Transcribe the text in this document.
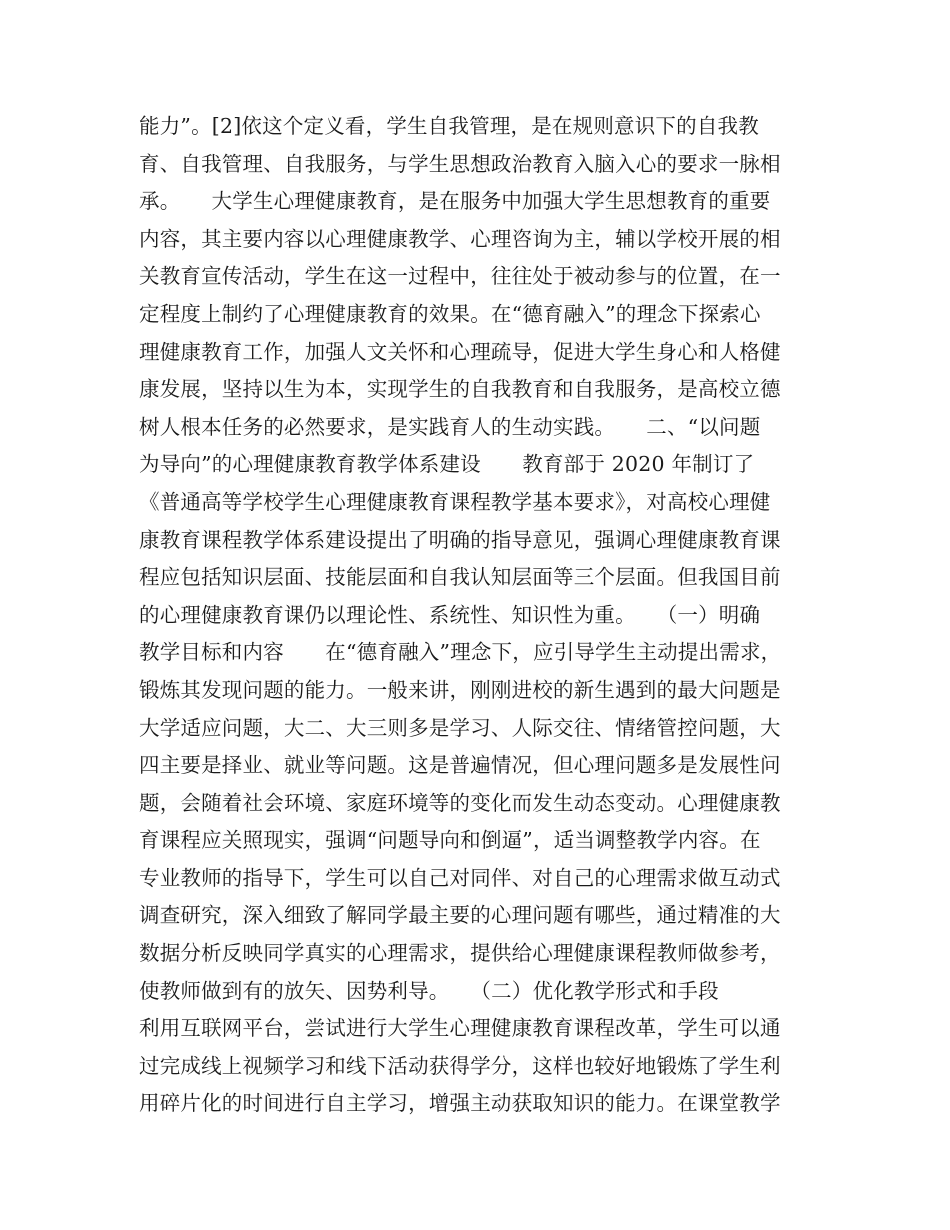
能力”。[2]依这个定义看，学生自我管理，是在规则意识下的自我教
育、自我管理、自我服务，与学生思想政治教育入脑入心的要求一脉相
承。　　大学生心理健康教育，是在服务中加强大学生思想教育的重要
内容，其主要内容以心理健康教学、心理咨询为主，辅以学校开展的相
关教育宣传活动，学生在这一过程中，往往处于被动参与的位置，在一
定程度上制约了心理健康教育的效果。在“德育融入”的理念下探索心
理健康教育工作，加强人文关怀和心理疏导，促进大学生身心和人格健
康发展，坚持以生为本，实现学生的自我教育和自我服务，是高校立德
树人根本任务的必然要求，是实践育人的生动实践。　　二、“以问题
为导向”的心理健康教育教学体系建设　　教育部于 2020 年制订了
《普通高等学校学生心理健康教育课程教学基本要求》，对高校心理健
康教育课程教学体系建设提出了明确的指导意见，强调心理健康教育课
程应包括知识层面、技能层面和自我认知层面等三个层面。但我国目前
的心理健康教育课仍以理论性、系统性、知识性为重。　　（一）明确
教学目标和内容　　在“德育融入”理念下，应引导学生主动提出需求，
锻炼其发现问题的能力。一般来讲，刚刚进校的新生遇到的最大问题是
大学适应问题，大二、大三则多是学习、人际交往、情绪管控问题，大
四主要是择业、就业等问题。这是普遍情况，但心理问题多是发展性问
题，会随着社会环境、家庭环境等的变化而发生动态变动。心理健康教
育课程应关照现实，强调“问题导向和倒逼”，适当调整教学内容。在
专业教师的指导下，学生可以自己对同伴、对自己的心理需求做互动式
调查研究，深入细致了解同学最主要的心理问题有哪些，通过精准的大
数据分析反映同学真实的心理需求，提供给心理健康课程教师做参考，
使教师做到有的放矢、因势利导。　　（二）优化教学形式和手段
利用互联网平台，尝试进行大学生心理健康教育课程改革，学生可以通
过完成线上视频学习和线下活动获得学分，这样也较好地锻炼了学生利
用碎片化的时间进行自主学习，增强主动获取知识的能力。在课堂教学
